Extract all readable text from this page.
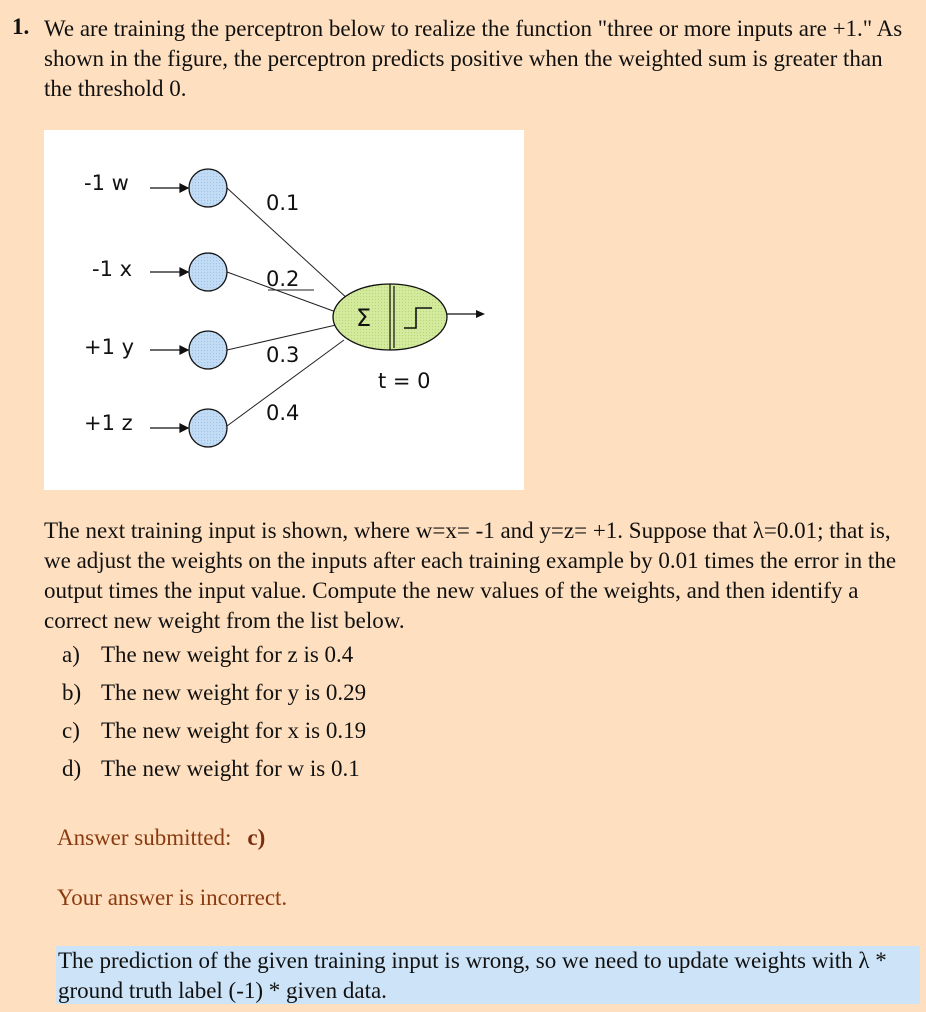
1. We are training the perceptron below to realize the function "three or more inputs are +1." As shown in the figure, the perceptron predicts positive when the weighted sum is greater than the threshold 0.
-1 w
-1 x
+1 y
+1 z
0.1
0.2
0.3
0.4
Σ
t = 0
The next training input is shown, where w=x= -1 and y=z= +1. Suppose that λ=0.01; that is, we adjust the weights on the inputs after each training example by 0.01 times the error in the output times the input value. Compute the new values of the weights, and then identify a correct new weight from the list below.
a) The new weight for z is 0.4
b) The new weight for y is 0.29
c) The new weight for x is 0.19
d) The new weight for w is 0.1
Answer submitted: c)
Your answer is incorrect.
The prediction of the given training input is wrong, so we need to update weights with λ * ground truth label (-1) * given data.
